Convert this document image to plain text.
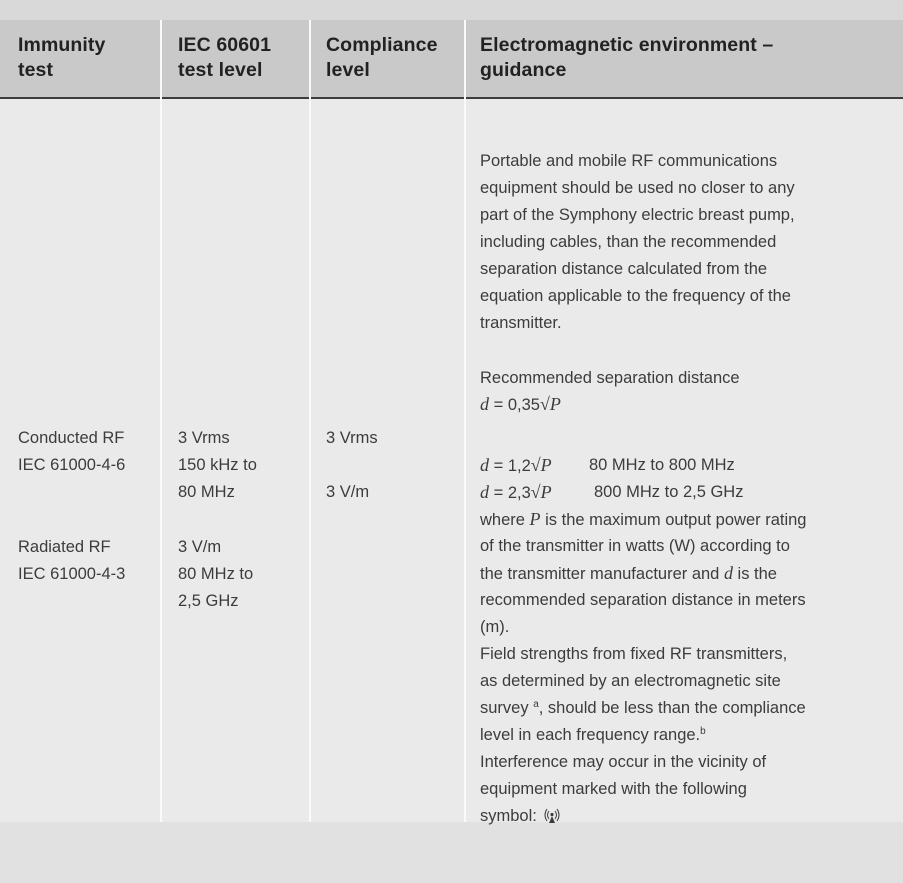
Immunity
test
IEC 60601
test level
Compliance
level
Electromagnetic environment –
guidance
Conducted RF
IEC 61000-4-6
Radiated RF
IEC 61000-4-3
3 Vrms
150 kHz to
80 MHz
3 V/m
80 MHz to
2,5 GHz
3 Vrms
3 V/m
Portable and mobile RF communications
equipment should be used no closer to any
part of the Symphony electric breast pump,
including cables, than the recommended
separation distance calculated from the
equation applicable to the frequency of the
transmitter.
Recommended separation distance
d = 0,35√P
d = 1,2√P 80 MHz to 800 MHz
d = 2,3√P	800 MHz to 2,5 GHz
where P is the maximum output power rating
of the transmitter in watts (W) according to
the transmitter manufacturer and d is the
recommended separation distance in meters
(m).
Field strengths from fixed RF transmitters,
as determined by an electromagnetic site
survey $^a$, should be less than the compliance
level in each frequency range.$^b$
Interference may occur in the vicinity of
equipment marked with the following
symbol:
